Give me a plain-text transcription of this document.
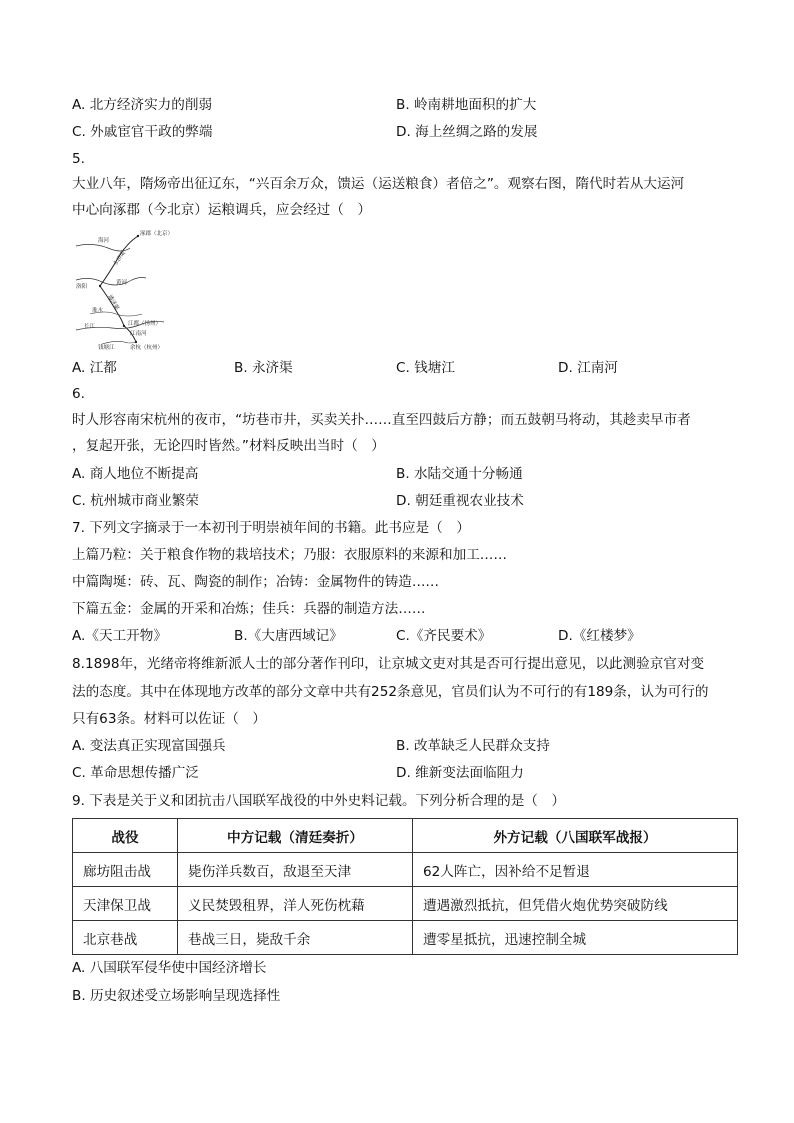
A. 北方经济实力的削弱	B. 岭南耕地面积的扩大
C. 外戚宦官干政的弊端	D. 海上丝绸之路的发展
5.
大业八年，隋炀帝出征辽东，“兴百余万众，馈运（运送粮食）者倍之”。观察右图，隋代时若从大运河
中心向涿郡（今北京）运粮调兵，应会经过（　）
涿郡（北京）
海河
永济渠
洛阳
黄河
通济渠
淮水
江都（扬州）
长江
江南河
钱塘江	余杭（杭州）
A. 江都	B. 永济渠	C. 钱塘江	D. 江南河
6.
时人形容南宋杭州的夜市，“坊巷市井，买卖关扑……直至四鼓后方静；而五鼓朝马将动，其趁卖早市者
，复起开张，无论四时皆然。”材料反映出当时（　）
A. 商人地位不断提高	B. 水陆交通十分畅通
C. 杭州城市商业繁荣	D. 朝廷重视农业技术
7. 下列文字摘录于一本初刊于明崇祯年间的书籍。此书应是（　）
上篇乃粒：关于粮食作物的栽培技术；乃服：衣服原料的来源和加工……
中篇陶埏：砖、瓦、陶瓷的制作；冶铸：金属物件的铸造……
下篇五金：金属的开采和冶炼；佳兵：兵器的制造方法……
A.《天工开物》	B.《大唐西域记》	C.《齐民要术》	D.《红楼梦》
8.1898年，光绪帝将维新派人士的部分著作刊印，让京城文吏对其是否可行提出意见，以此测验京官对变
法的态度。其中在体现地方改革的部分文章中共有252条意见，官员们认为不可行的有189条，认为可行的
只有63条。材料可以佐证（　）
A. 变法真正实现富国强兵	B. 改革缺乏人民群众支持
C. 革命思想传播广泛	D. 维新变法面临阻力
9. 下表是关于义和团抗击八国联军战役的中外史料记载。下列分析合理的是（　）
战役	中方记载（清廷奏折）	外方记载（八国联军战报）
廊坊阻击战	毙伤洋兵数百，敌退至天津	62人阵亡，因补给不足暂退
天津保卫战	义民焚毁租界，洋人死伤枕藉	遭遇激烈抵抗，但凭借火炮优势突破防线
北京巷战	巷战三日，毙敌千余	遭零星抵抗，迅速控制全城
A. 八国联军侵华使中国经济增长
B. 历史叙述受立场影响呈现选择性
